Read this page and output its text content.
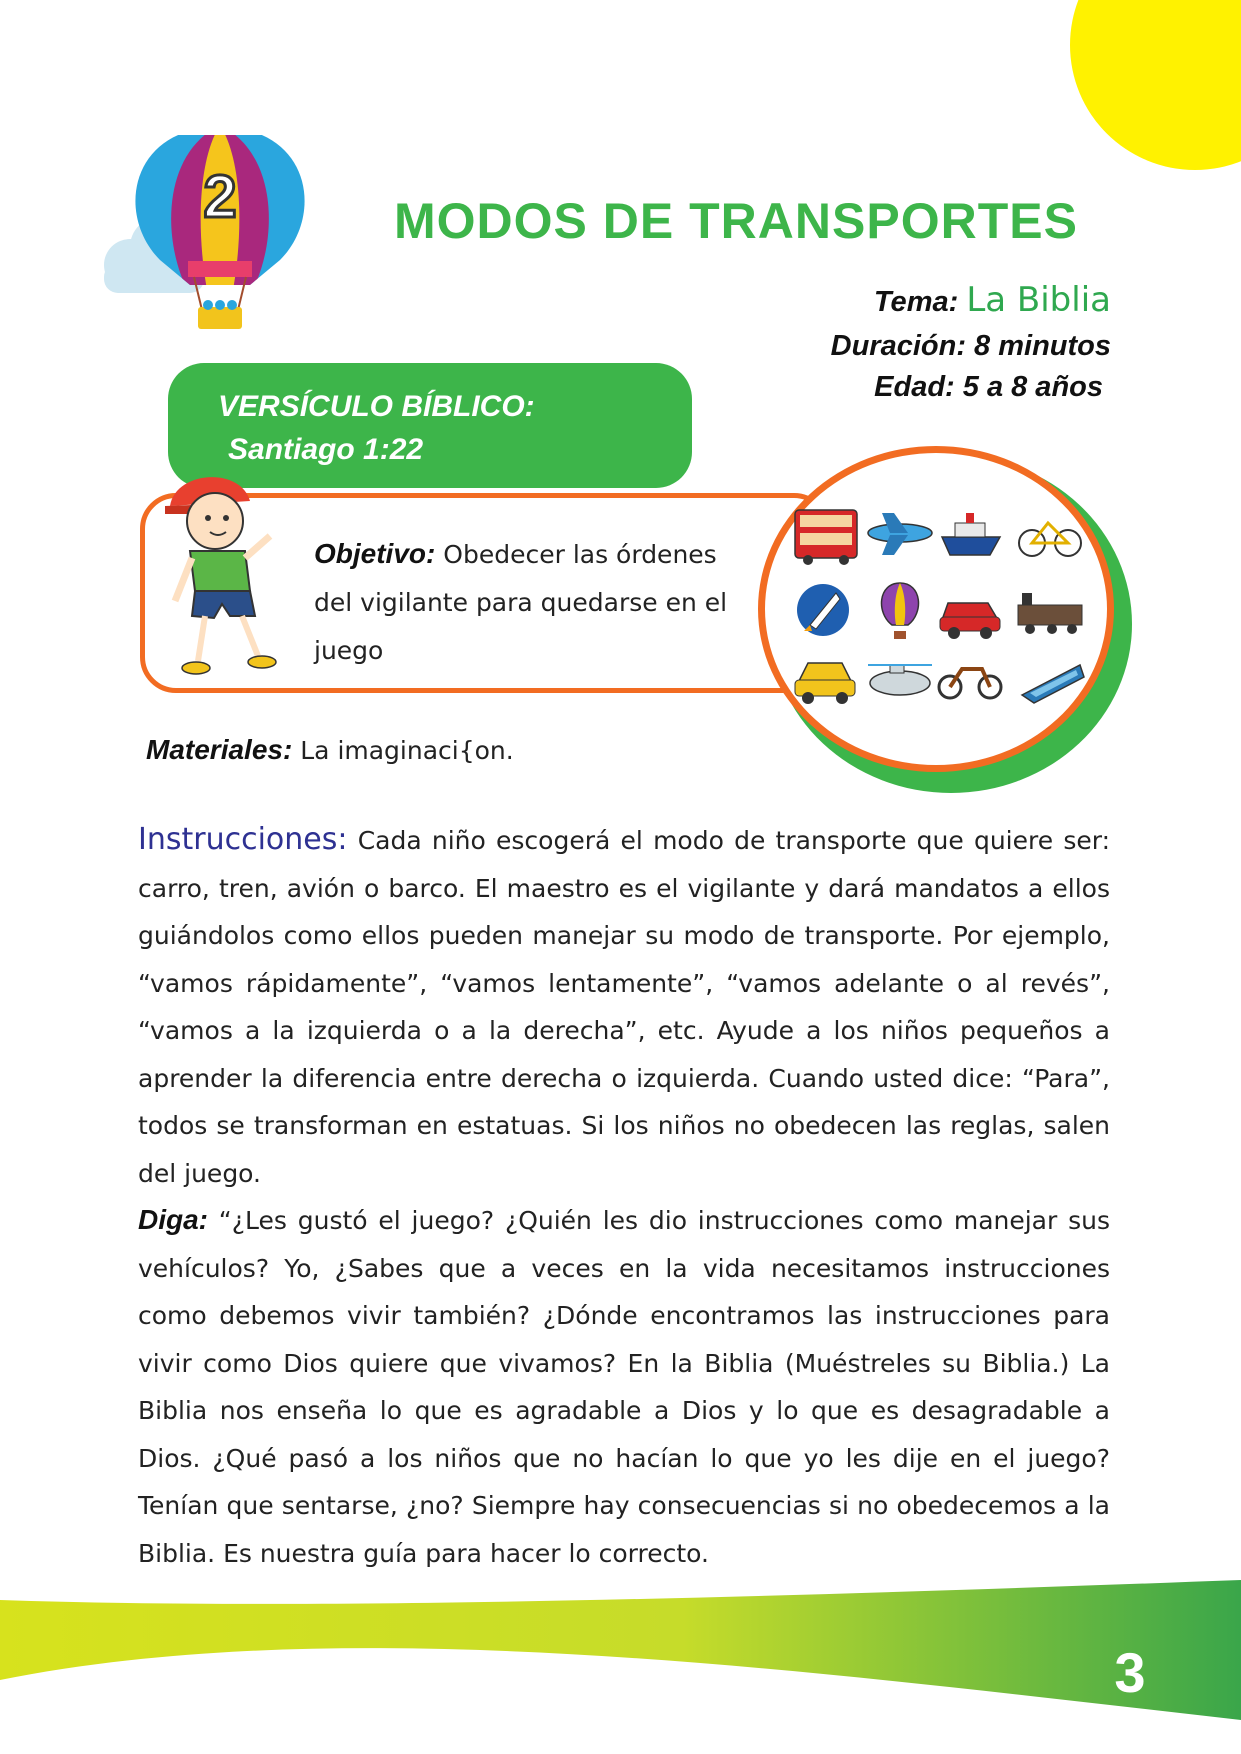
2	MODOS DE TRANSPORTES
Tema: La Biblia
Duración: 8 minutos
Edad: 5 a 8 años
VERSÍCULO BÍBLICO:
Santiago 1:22
Objetivo: Obedecer las órdenes del vigilante para quedarse en el juego
Materiales: La imaginaci{on.
Instrucciones: Cada niño escogerá el modo de transporte que quiere ser: carro, tren, avión o barco. El maestro es el vigilante y dará mandatos a ellos guiándolos como ellos pueden manejar su modo de transporte. Por ejemplo, “vamos rápidamente”, “vamos lentamente”, “vamos adelante o al revés”, “vamos a la izquierda o a la derecha”, etc. Ayude a los niños pequeños a aprender la diferencia entre derecha o izquierda. Cuando usted dice: “Para”, todos se transforman en estatuas. Si los niños no obedecen las reglas, salen del juego.
Diga: “¿Les gustó el juego? ¿Quién les dio instrucciones como manejar sus vehículos? Yo, ¿Sabes que a veces en la vida necesitamos instrucciones como debemos vivir también? ¿Dónde encontramos las instrucciones para vivir como Dios quiere que vivamos? En la Biblia (Muéstreles su Biblia.) La Biblia nos enseña lo que es agradable a Dios y lo que es desagradable a Dios. ¿Qué pasó a los niños que no hacían lo que yo les dije en el juego? Tenían que sentarse, ¿no? Siempre hay consecuencias si no obedecemos a la Biblia. Es nuestra guía para hacer lo correcto.
3
